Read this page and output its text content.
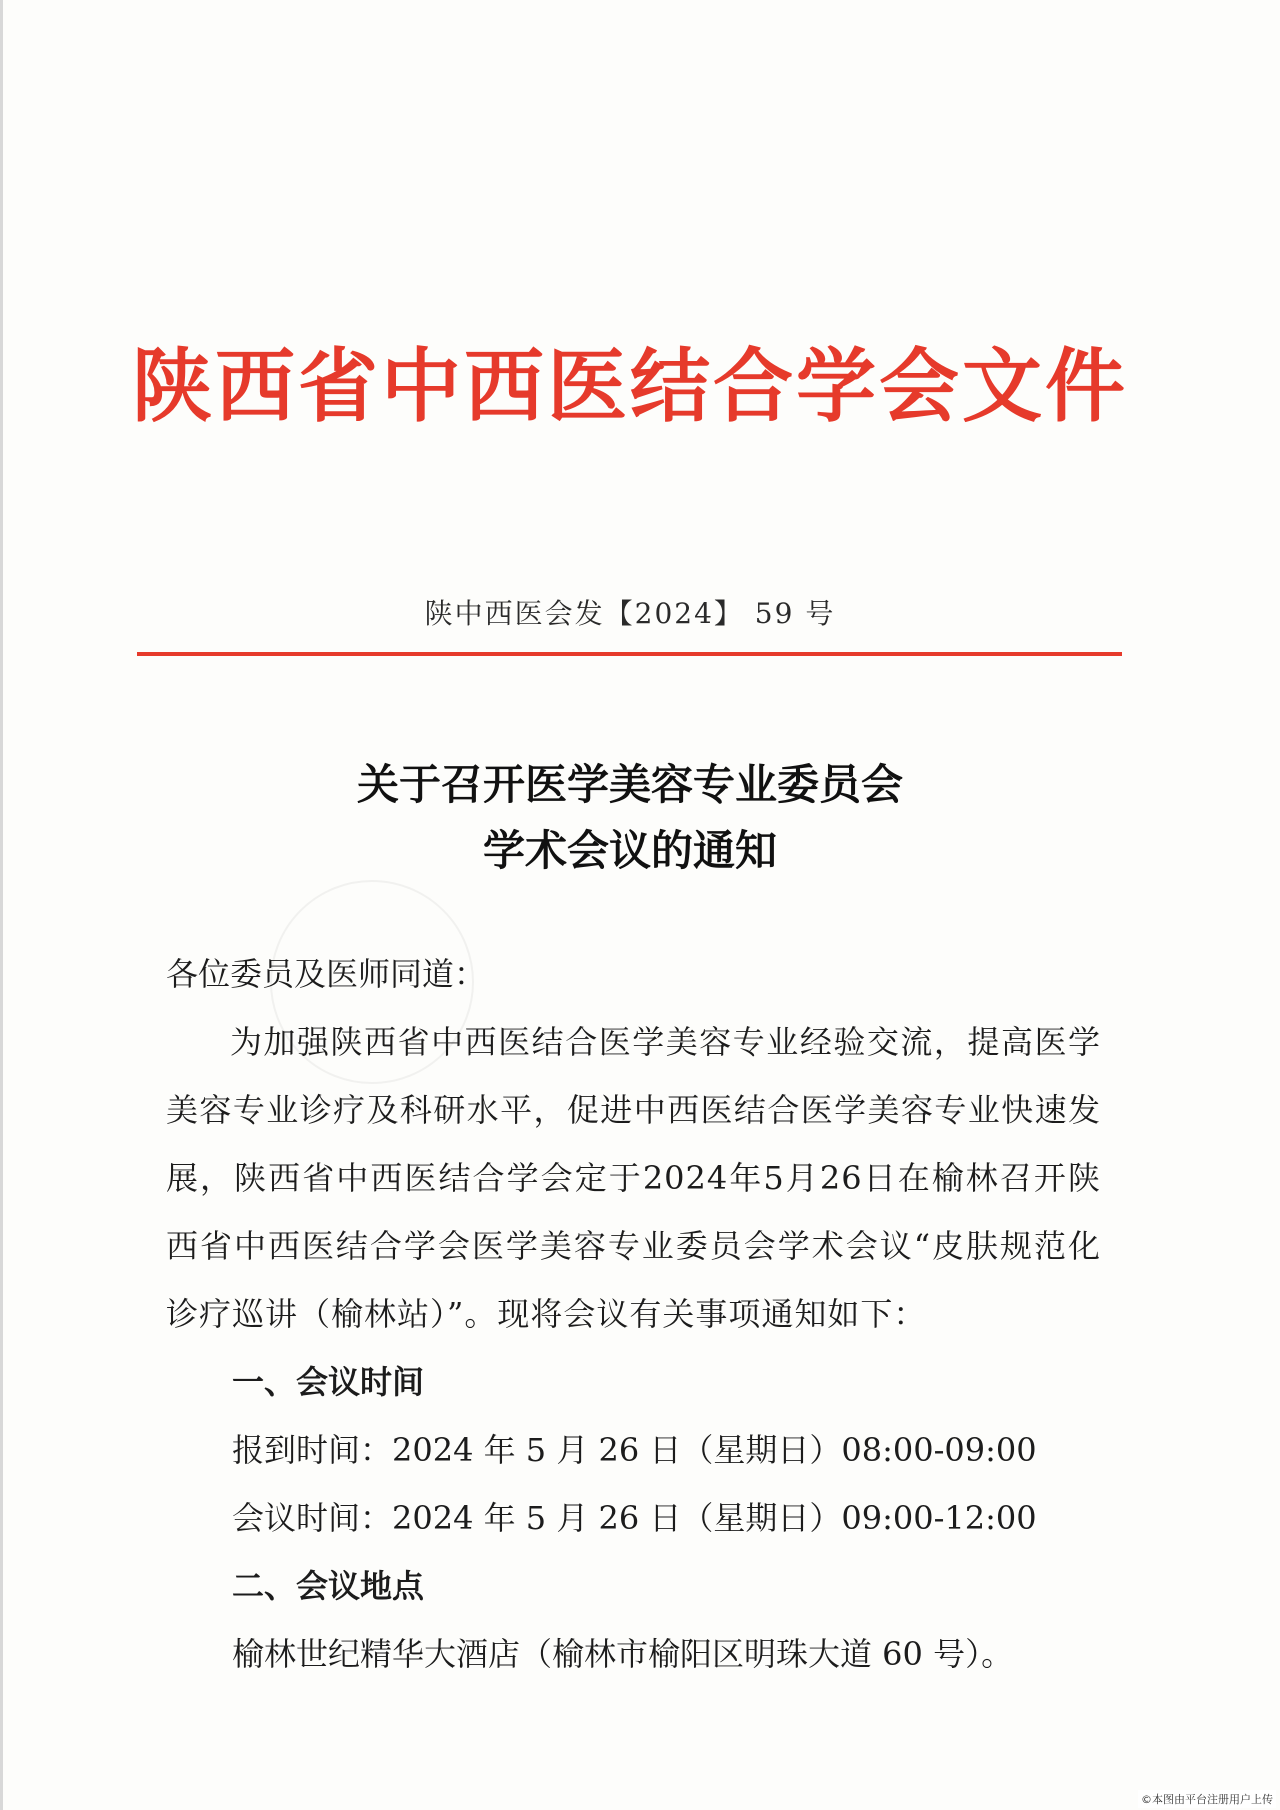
陕西省中西医结合学会文件
陕中西医会发【2024】 59 号
关于召开医学美容专业委员会
学术会议的通知
各位委员及医师同道：
为加强陕西省中西医结合医学美容专业经验交流，提高医学美容专业诊疗及科研水平，促进中西医结合医学美容专业快速发展，陕西省中西医结合学会定于2024年5月26日在榆林召开陕西省中西医结合学会医学美容专业委员会学术会议“皮肤规范化诊疗巡讲（榆林站）”。现将会议有关事项通知如下：
一、会议时间
报到时间：2024 年 5 月 26 日（星期日）08:00-09:00
会议时间：2024 年 5 月 26 日（星期日）09:00-12:00
二、会议地点
榆林世纪精华大酒店（榆林市榆阳区明珠大道 60 号）。
©本图由平台注册用户上传
